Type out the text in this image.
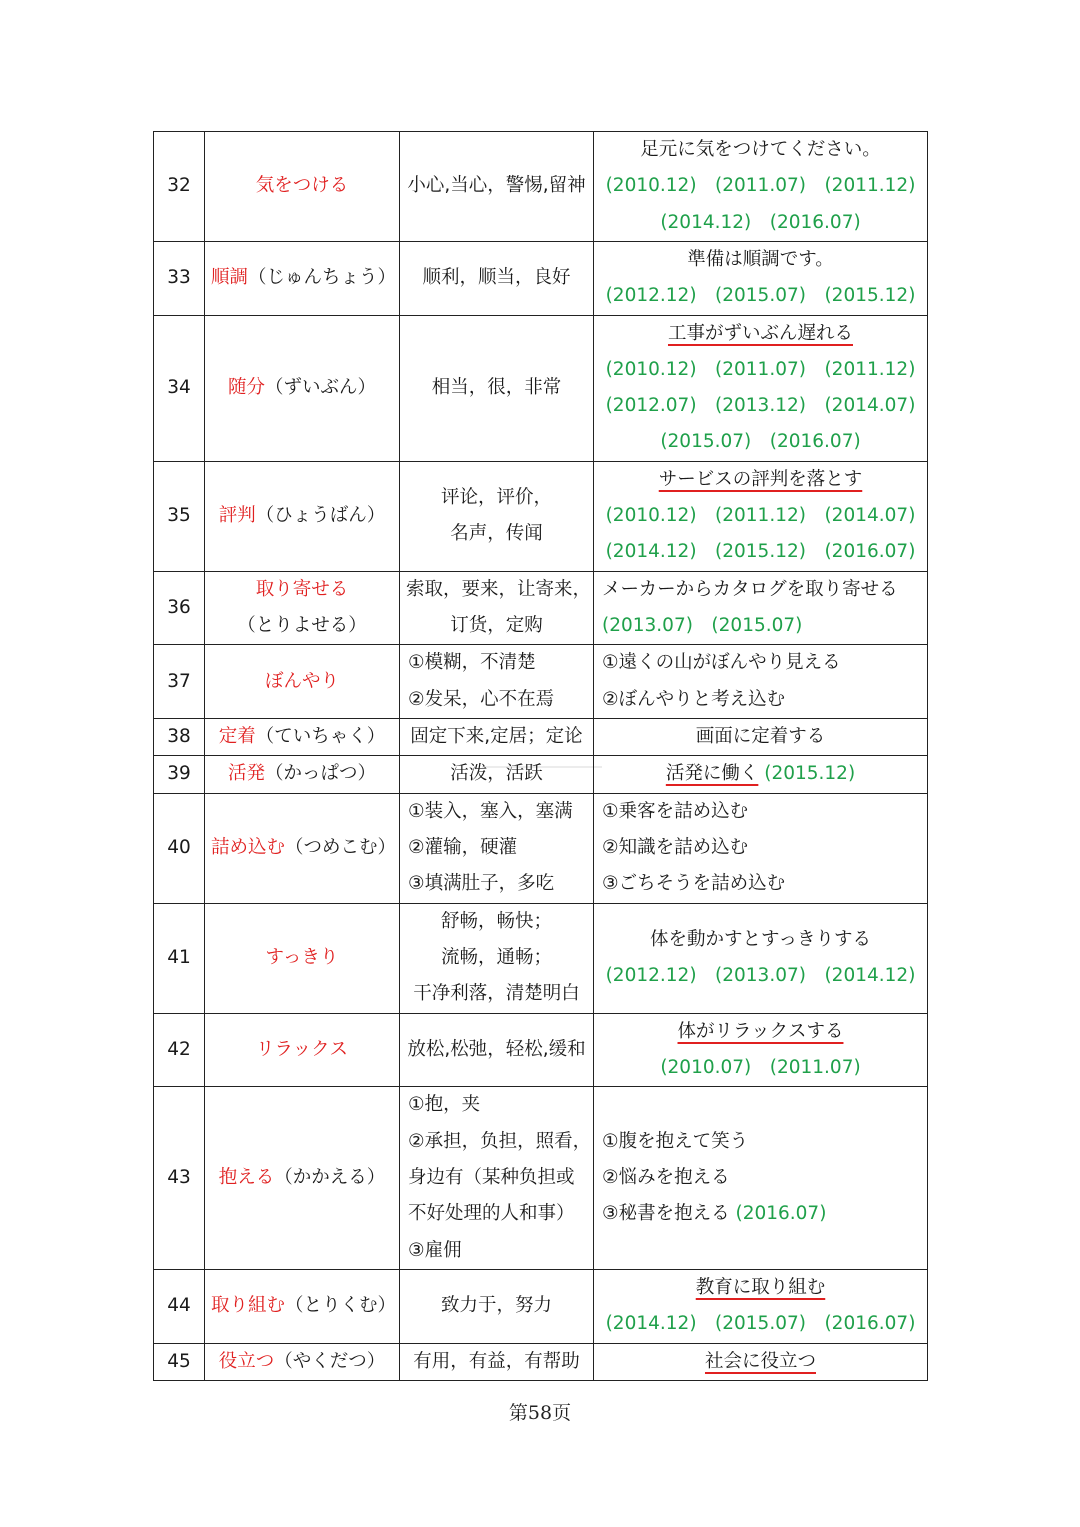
32	気をつける	小心,当心，警惕,留神	足元に気をつけてください。
(2010.12)　(2011.07)　(2011.12)
(2014.12)　(2016.07)

33	順調（じゅんちょう）	顺利，顺当，良好	準備は順調です。
(2012.12)　(2015.07)　(2015.12)

34	随分（ずいぶん）	相当，很，非常	工事がずいぶん遅れる
(2010.12)　(2011.07)　(2011.12)
(2012.07)　(2013.12)　(2014.07)
(2015.07)　(2016.07)

35	評判（ひょうばん）	评论，评价，
名声，传闻	サービスの評判を落とす
(2010.12)　(2011.12)　(2014.07)
(2014.12)　(2015.12)　(2016.07)

36	取り寄せる
（とりよせる）	索取，要来，让寄来，
订货，定购	メーカーからカタログを取り寄せる
(2013.07)　(2015.07)

37	ぼんやり	①模糊，不清楚
②发呆，心不在焉	①遠くの山がぼんやり見える
②ぼんやりと考え込む

38	定着（ていちゃく）	固定下来,定居；定论	画面に定着する

39	活発（かっぱつ）	活泼，活跃	活発に働く (2015.12)

40	詰め込む（つめこむ）	①装入，塞入，塞满
②灌输，硬灌
③填满肚子，多吃	①乗客を詰め込む
②知識を詰め込む
③ごちそうを詰め込む

41	すっきり	舒畅，畅快；
流畅，通畅；
干净利落，清楚明白	体を動かすとすっきりする
(2012.12)　(2013.07)　(2014.12)

42	リラックス	放松,松弛，轻松,缓和	体がリラックスする
(2010.07)　(2011.07)

43	抱える（かかえる）	①抱，夹
②承担，负担，照看，
身边有（某种负担或
不好处理的人和事）
③雇佣	①腹を抱えて笑う
②悩みを抱える
③秘書を抱える (2016.07)

44	取り組む（とりくむ）	致力于，努力	教育に取り組む
(2014.12)　(2015.07)　(2016.07)

45	役立つ（やくだつ）	有用，有益，有帮助	社会に役立つ
第58页
